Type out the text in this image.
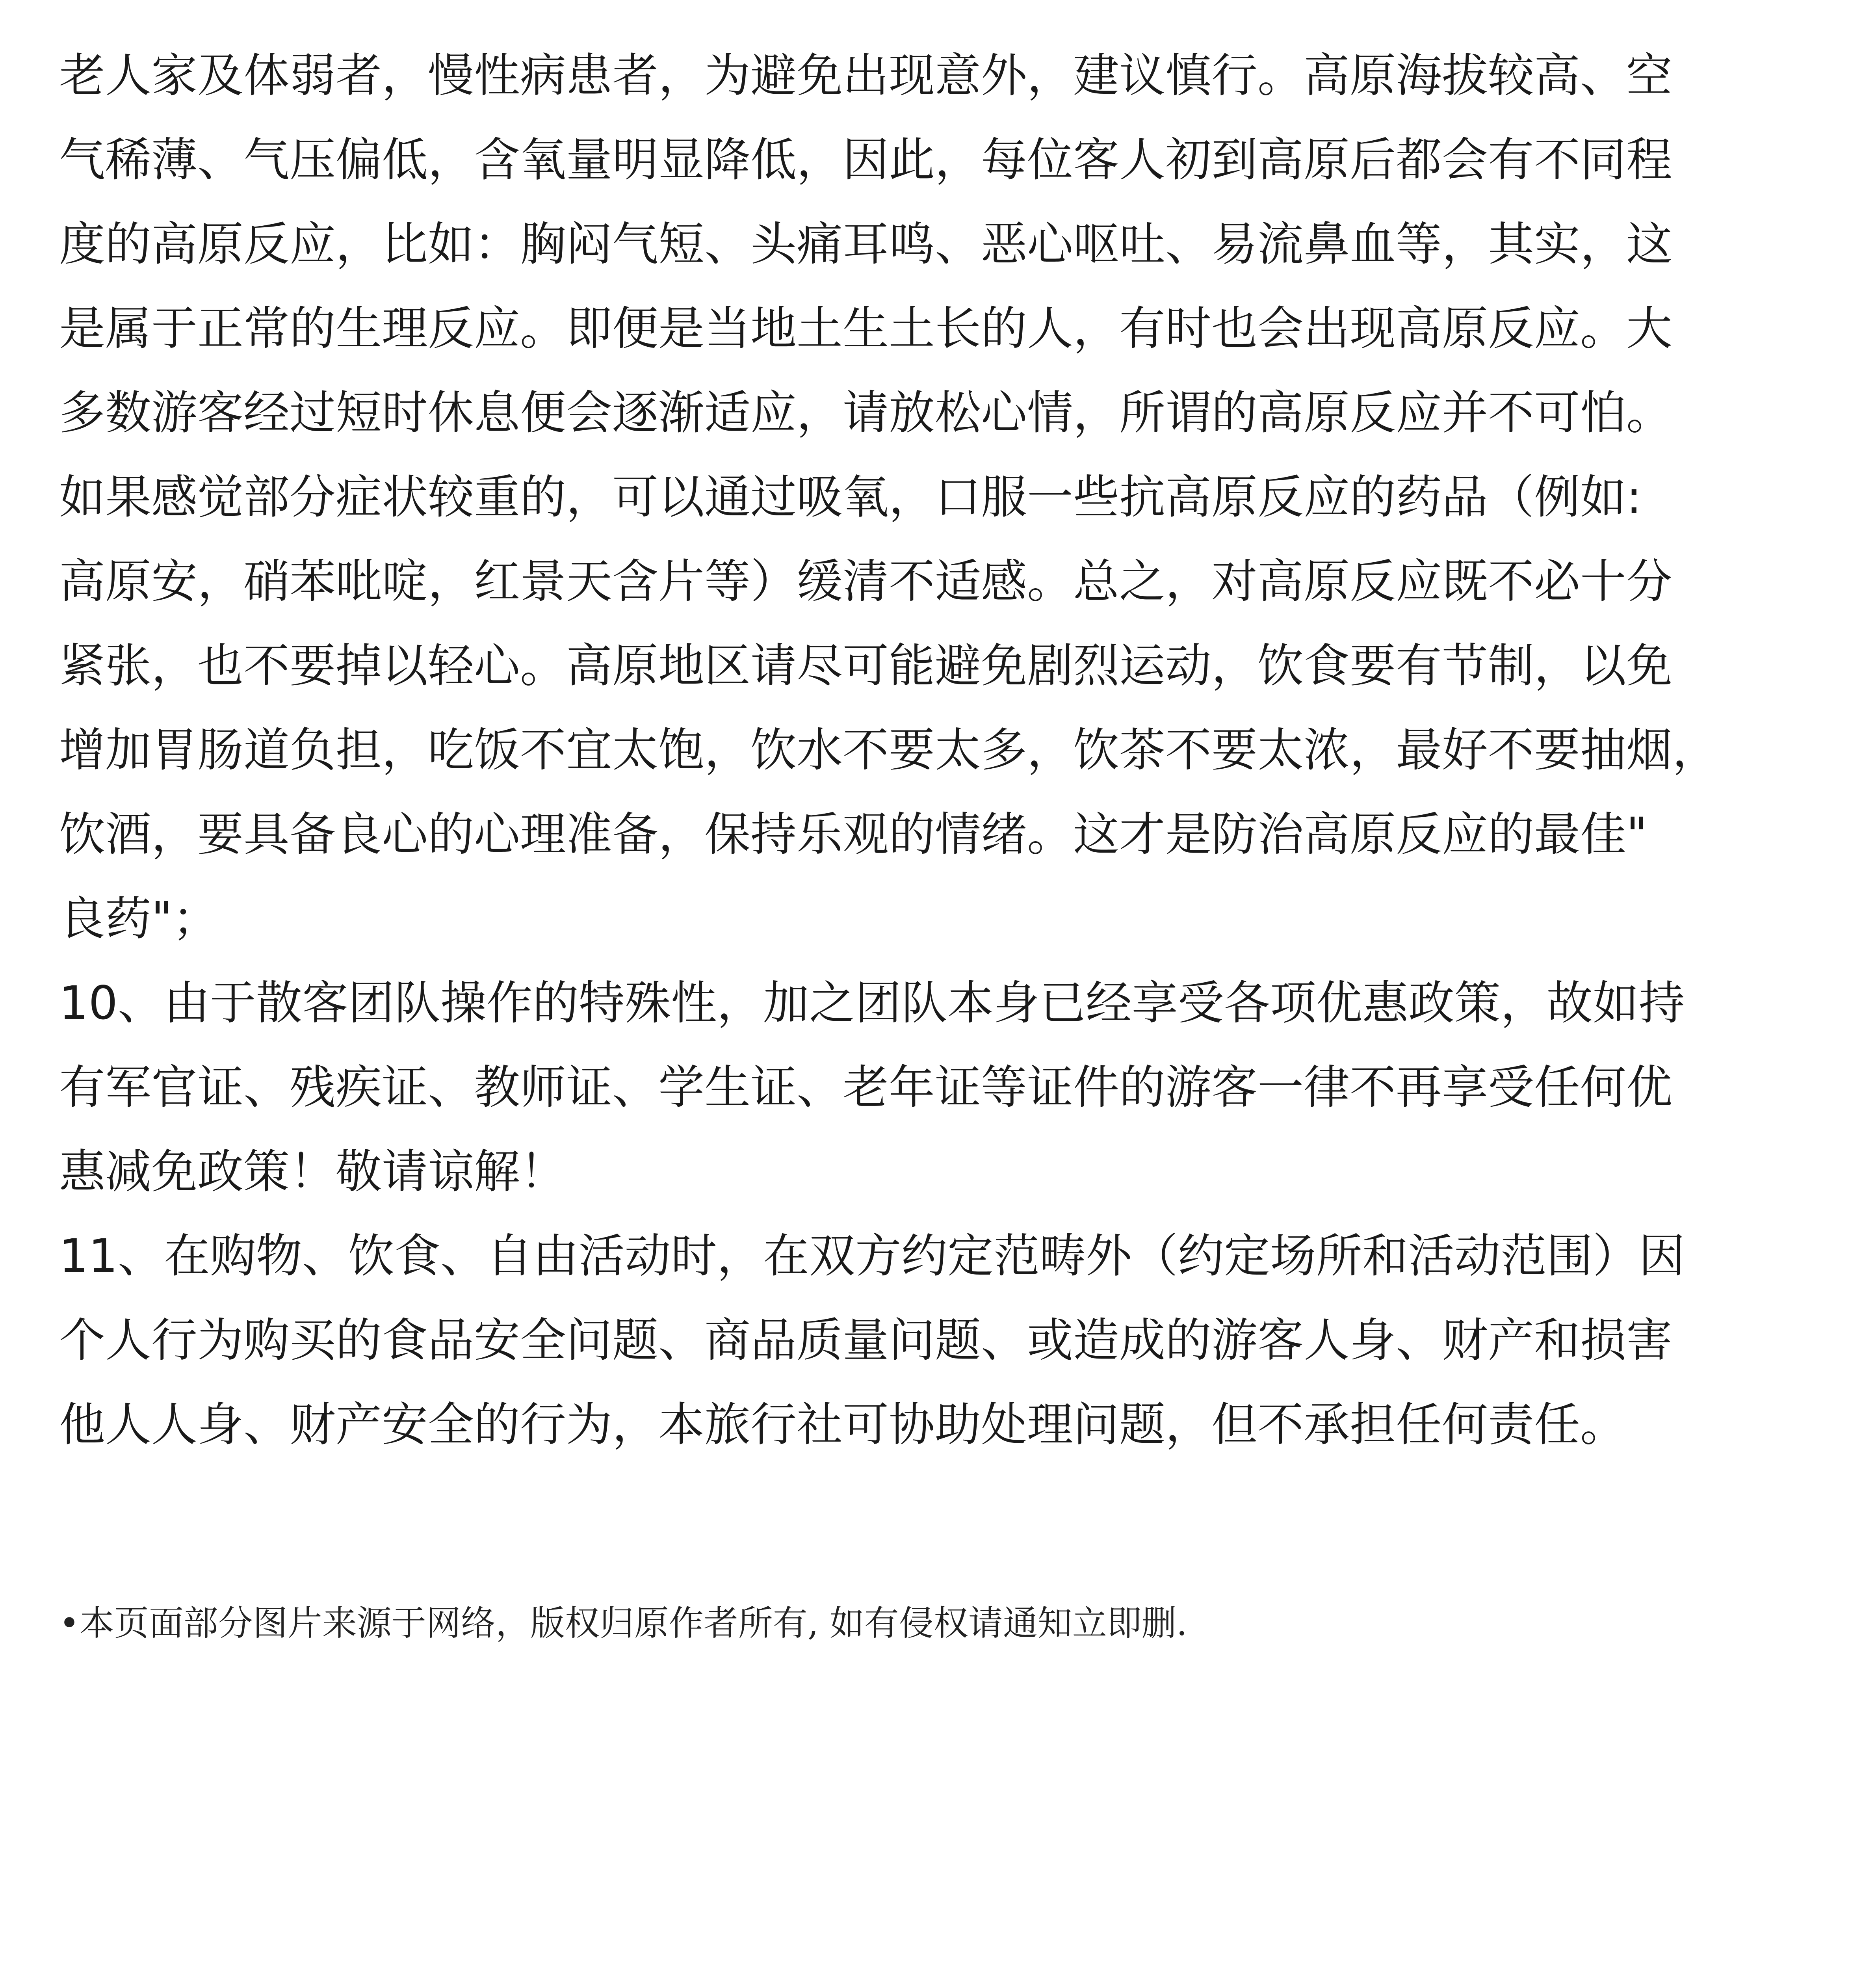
老人家及体弱者，慢性病患者，为避免出现意外，建议慎行。高原海拔较高、空
气稀薄、气压偏低，含氧量明显降低，因此，每位客人初到高原后都会有不同程
度的高原反应，比如：胸闷气短、头痛耳鸣、恶心呕吐、易流鼻血等，其实，这
是属于正常的生理反应。即便是当地土生土长的人，有时也会出现高原反应。大
多数游客经过短时休息便会逐渐适应，请放松心情，所谓的高原反应并不可怕。
如果感觉部分症状较重的，可以通过吸氧，口服一些抗高原反应的药品（例如:
高原安，硝苯吡啶，红景天含片等）缓清不适感。总之，对高原反应既不必十分
紧张，也不要掉以轻心。高原地区请尽可能避免剧烈运动，饮食要有节制，以免
增加胃肠道负担，吃饭不宜太饱，饮水不要太多，饮茶不要太浓，最好不要抽烟，
饮酒，要具备良心的心理准备，保持乐观的情绪。这才是防治高原反应的最佳"
良药"；
10、由于散客团队操作的特殊性，加之团队本身已经享受各项优惠政策，故如持
有军官证、残疾证、教师证、学生证、老年证等证件的游客一律不再享受任何优
惠减免政策！敬请谅解！
11、在购物、饮食、自由活动时，在双方约定范畴外（约定场所和活动范围）因
个人行为购买的食品安全问题、商品质量问题、或造成的游客人身、财产和损害
他人人身、财产安全的行为，本旅行社可协助处理问题，但不承担任何责任。

•本页面部分图片来源于网络，版权归原作者所有, 如有侵权请通知立即删.
